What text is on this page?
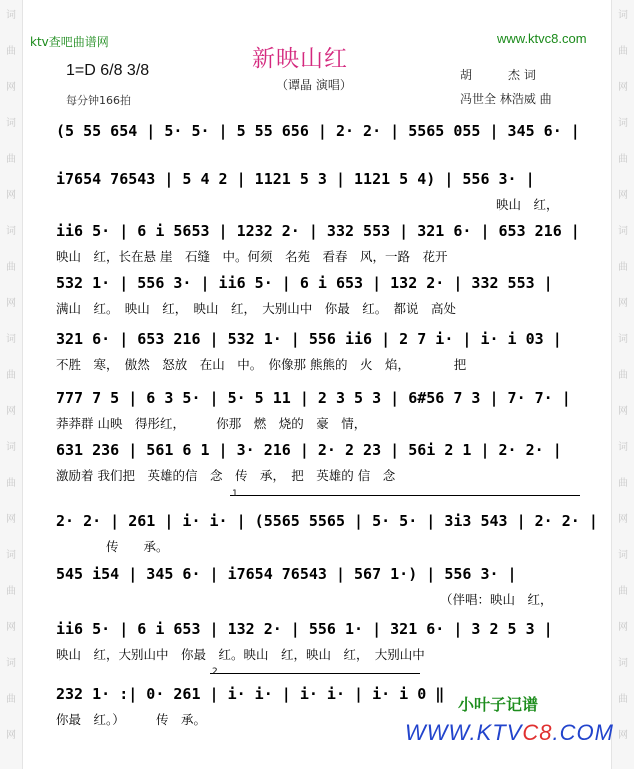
词	词
曲	曲
网	网
词	词
曲	曲
网	网
词	词
曲	曲
网	网
词	词
曲	曲
网	网
词	词
曲	曲
网	网
词	词
曲	曲
网	网
词	词
曲	曲
网	网
ktv查吧曲谱网	www.ktvc8.com
新映山红
（谭晶 演唱）
1=D 6/8 3/8
每分钟166拍
胡　　　杰 词
冯世全 林浩威 曲
(5 55 654 | 5· 5· | 5 55 656 | 2· 2· | 5565 055 | 345 6· |
i7654 76543 | 5 4 2 | 1121 5 3 | 1121 5 4) | 556 3· |
映山　红，
ii6 5· | 6 i 5653 | 1232 2· | 332 553 | 321 6· | 653 216 |
映山　红，长在悬 崖　石缝　中。何须　名苑　看春　风，一路　花开
532 1· | 556 3· | ii6 5· | 6 i 653 | 132 2· | 332 553 |
满山　红。　映山　红，　映山　红，　大别山中　你最　红。　都说　高处
321 6· | 653 216 | 532 1· | 556 ii6 | 2 7 i· | i· i 03 |
不胜　寒，　傲然　怒放　在山　中。　你像那 熊熊的　火　焰，　　　　把
777 7 5 | 6 3 5· | 5· 5 11 | 2 3 5 3 | 6#56 7 3 | 7· 7· |
莽莽群 山映　得彤红，　　　你那　燃　烧的　豪　情，
631 236 | 561 6 1 | 3· 216 | 2· 2 23 | 56i 2 1 | 2· 2· |
激励着 我们把　英雄的信　念　传　承，　把　英雄的 信　念
2· 2· | 261 | i· i· | (5565 5565 | 5· 5· | 3i3 543 | 2· 2· |
　　　　传　　承。
545 i54 | 345 6· | i7654 76543 | 567 1·) | 556 3· |
（伴唱：映山　红，
ii6 5· | 6 i 653 | 132 2· | 556 1· | 321 6· | 3 2 5 3 |
映山　红，大别山中　你最　红。映山　红，映山　红，　大别山中
232 1· :| 0· 261 | i· i· | i· i· | i· i 0 ‖
你最　红。）　　　传　承。
1
2
小叶子记谱
WWW.KTVC8.COM
